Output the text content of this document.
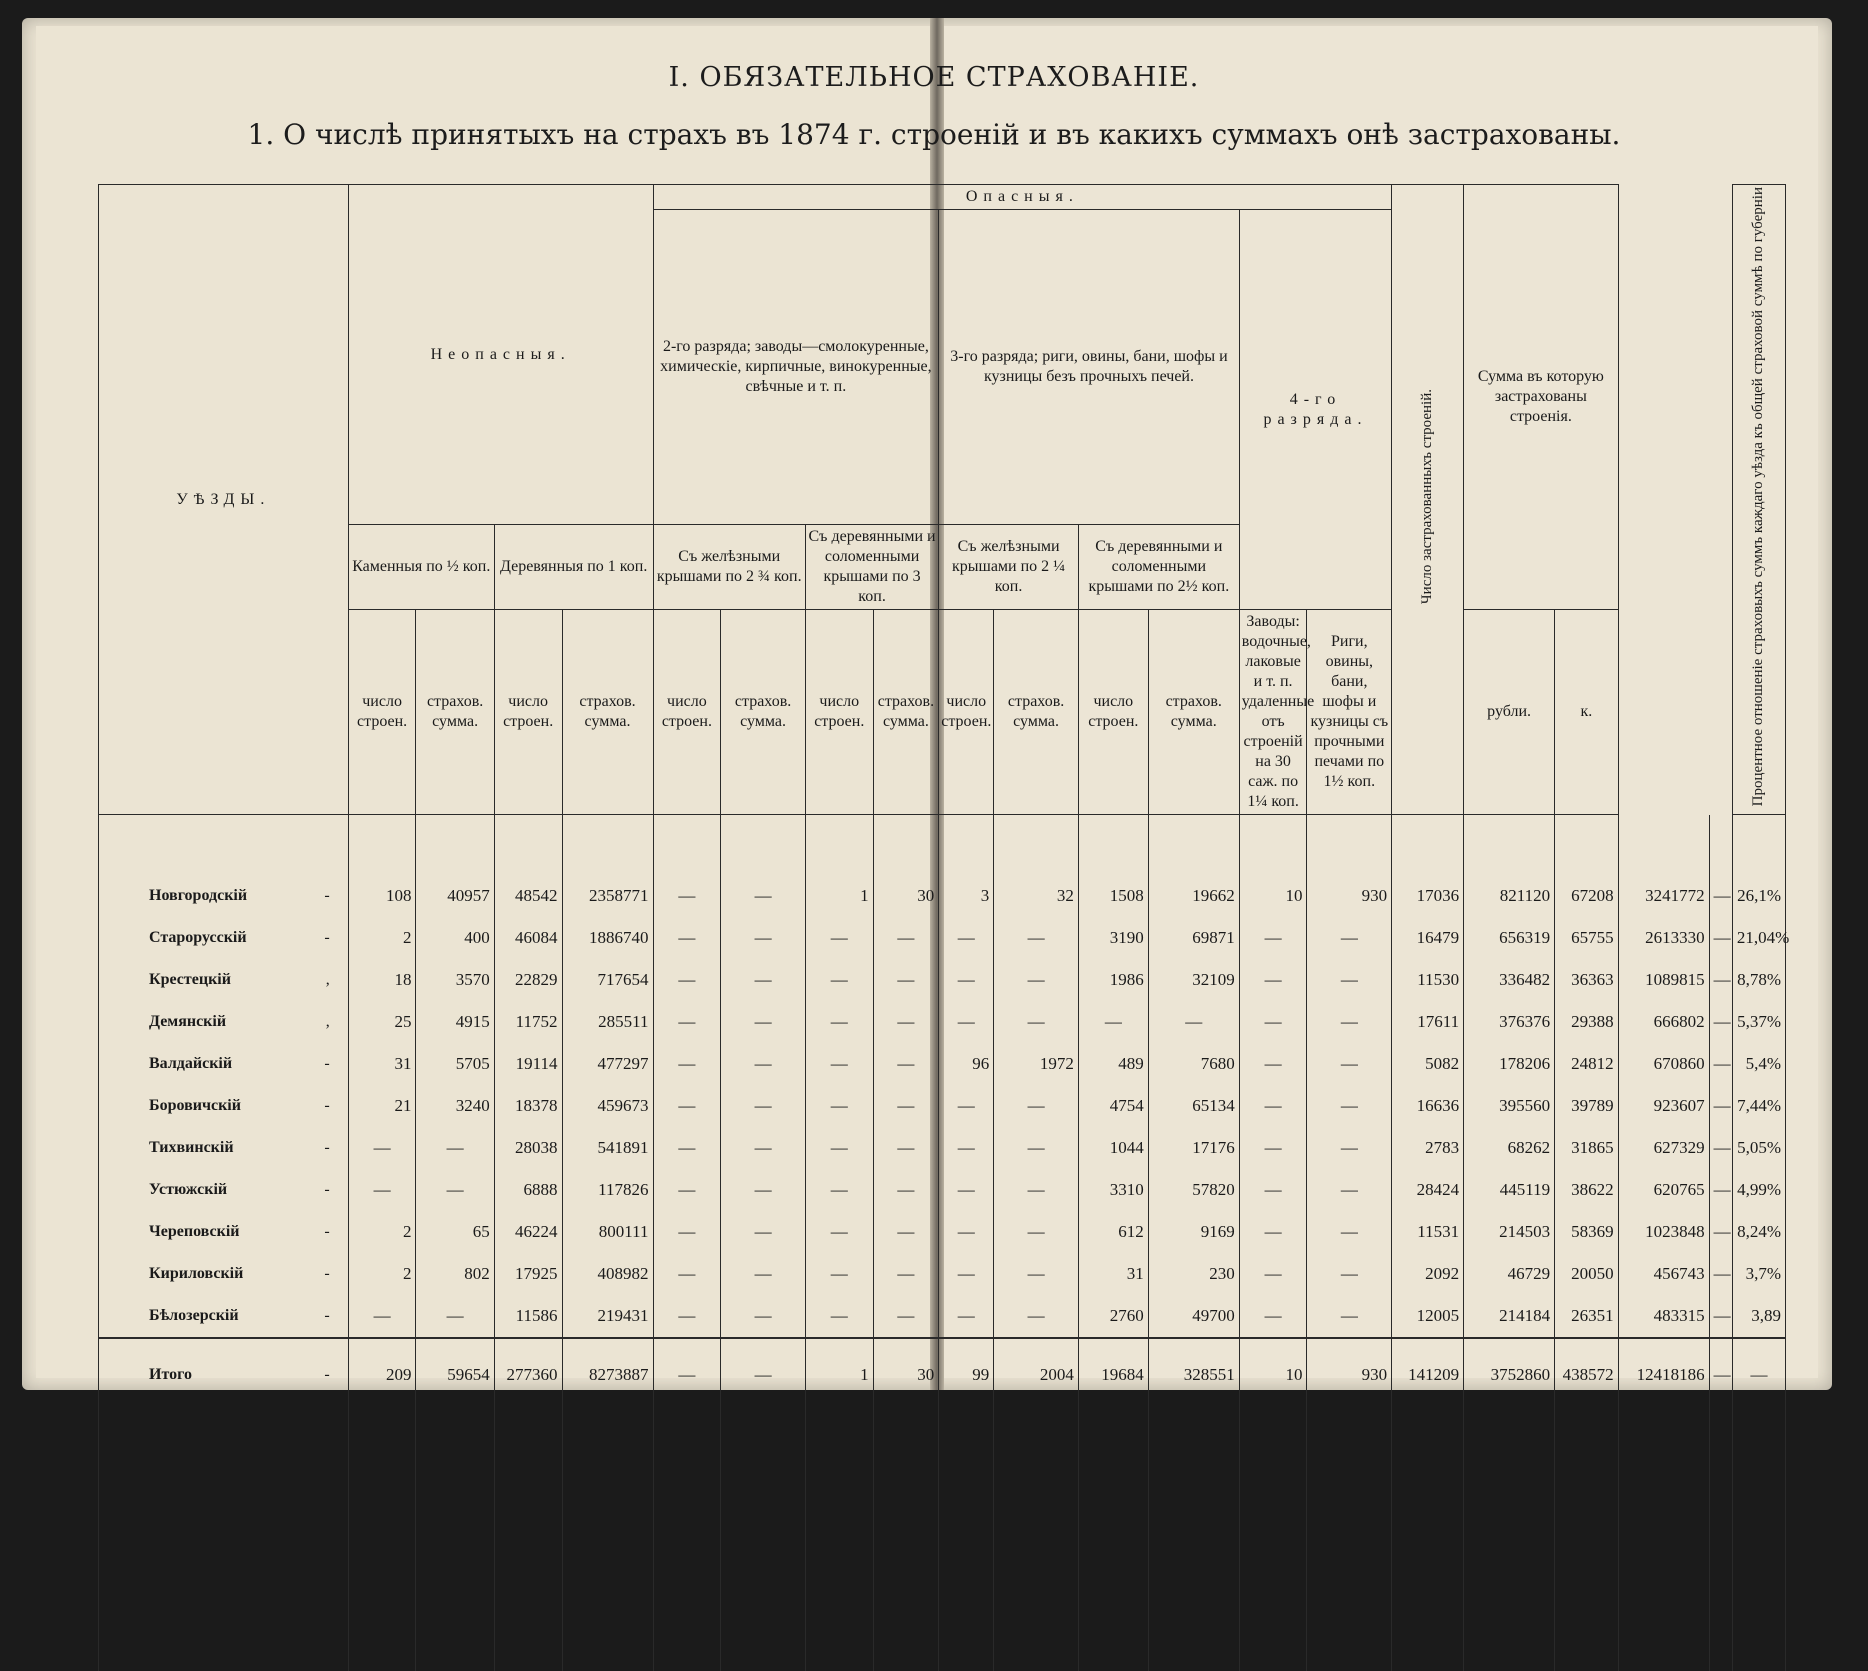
I. ОБЯЗАТЕЛЬНОЕ СТРАХОВАНІЕ.
1. О числѣ принятыхъ на страхъ въ 1874 г. строеній и въ какихъ суммахъ онѣ застрахованы.
УѢЗДЫ.	Неопасныя.				Опасныя.										Число застрахованныхъ строеній.	Сумма въ которую застрахованы строенія.				Процентное отношеніе страховыхъ суммъ каждаго уѣзда къ общей страховой суммѣ по губерніи
					2-го разряда; заводы—смолокуренные, химическіе, кирпичные, винокуренные, свѣчные и т. п.				3-го разряда; риги, овины, бани, шофы и кузницы безъ прочныхъ печей.				4-го разряда.							
	Каменныя по ½ коп.		Деревянныя по 1 коп.		Съ желѣзными крышами по 2 ¾ коп.		Съ деревянными и соломенными крышами по 3 коп.		Съ желѣзными крышами по 2 ¼ коп.		Съ деревянными и соломенными крышами по 2½ коп.									
	число строен.	страхов. сумма.	число строен.	страхов. сумма.	число строен.	страхов. сумма.	число строен.	страхов. сумма.	число строен.	страхов. сумма.	число строен.	страхов. сумма.	Заводы: водочные, лаковые и т. п. удаленные отъ строеній на 30 саж. по 1¼ коп.	Риги, овины, бани, шофы и кузницы съ прочными печами по 1½ коп.		рубли.	к.			

-
Новгородскій	108	40957	48542	2358771	—	—	1	30	3	32	1508	19662	10	930	17036	821120	67208	3241772	—	26,1%

-
Старорусскій	2	400	46084	1886740	—	—	—	—	—	—	3190	69871	—	—	16479	656319	65755	2613330	—	21,04%

,
Крестецкій	18	3570	22829	717654	—	—	—	—	—	—	1986	32109	—	—	11530	336482	36363	1089815	—	8,78%

,
Демянскій	25	4915	11752	285511	—	—	—	—	—	—	—	—	—	—	17611	376376	29388	666802	—	5,37%

-
Валдайскій	31	5705	19114	477297	—	—	—	—	96	1972	489	7680	—	—	5082	178206	24812	670860	—	5,4%

-
Боровичскій	21	3240	18378	459673	—	—	—	—	—	—	4754	65134	—	—	16636	395560	39789	923607	—	7,44%

-
Тихвинскій	—	—	28038	541891	—	—	—	—	—	—	1044	17176	—	—	2783	68262	31865	627329	—	5,05%

-
Устюжскій	—	—	6888	117826	—	—	—	—	—	—	3310	57820	—	—	28424	445119	38622	620765	—	4,99%

-
Череповскій	2	65	46224	800111	—	—	—	—	—	—	612	9169	—	—	11531	214503	58369	1023848	—	8,24%

-
Кириловскій	2	802	17925	408982	—	—	—	—	—	—	31	230	—	—	2092	46729	20050	456743	—	3,7%

-
Бѣлозерскій	—	—	11586	219431	—	—	—	—	—	—	2760	49700	—	—	12005	214184	26351	483315	—	3,89

-
Итого	209	59654	277360	8273887	—	—	1	30	99	2004	19684	328551	10	930	141209	3752860	438572	12418186	—	—
